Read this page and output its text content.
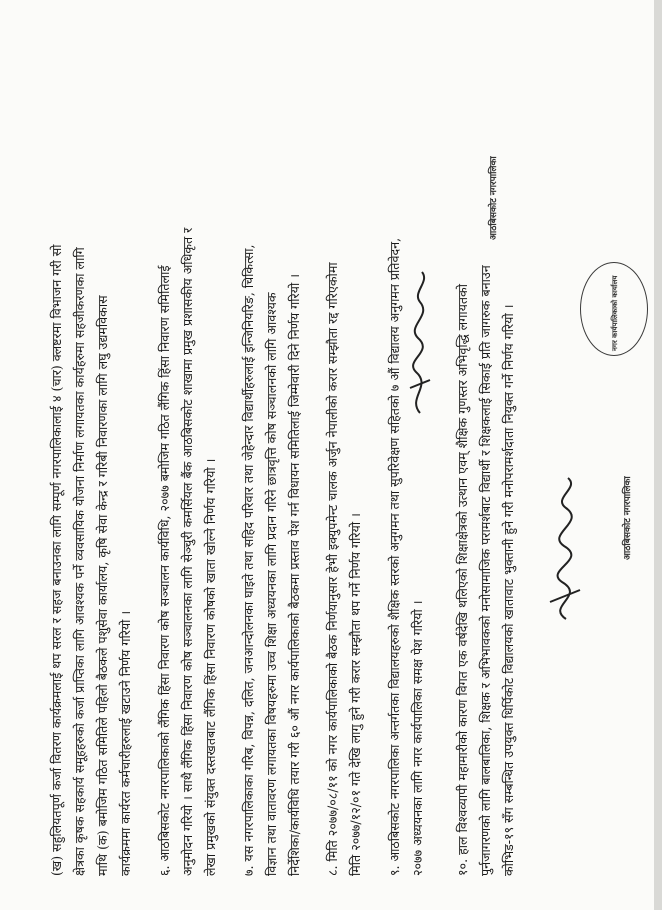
(ख) सहुलियतपूर्ण कर्जा वितरण कार्यक्रमलाई थप सरल र सहज बनाउनका लागि सम्पूर्ण नगरपालिकालाई ४ (चार) क्लष्टरमा विभाजन गरी सो क्षेत्रका कृषक सहकार्य समूहहरुको कर्जा प्राप्तिका लागि आवश्यक पर्ने व्यवसायिक योजना निर्माण लगायतका कार्यहरुमा सहजीकरणका लागि माथि (क) बमोजिम गठित समितिले पहिलो बैठकले पशुसेवा कार्यालय, कृषि सेवा केन्द्र र गरिबी निवारणका लागि लघु उद्यमविकास कार्यक्रममा कार्यरत कर्मचारीहरुलाई खटाउने निर्णय गरियो ।	६. आठबिसकोट नगरपालिकाको लैंगिक हिंसा निवारण कोष सञ्चालन कार्यविधि, २०७७ बमोजिम गठित लैंगिक हिंसा निवारण समितिलाई अनुमोदन गरियो । साथै लैंगिक हिंसा निवारण कोष सञ्चालनका लागि सेञ्चुरी कमर्सियल बैंक आठबिसकोट शाखामा प्रमुख प्रशासकीय अधिकृत र लेखा प्रमुखको संयुक्त दस्तखतबाट लैंगिक हिंसा निवारण कोषको खाता खोल्ने निर्णय गरियो ।	७. यस नगरपालिकाका गरिब, विपन्न, दलित, जनआन्दोलनका घाइते तथा सहिद परिवार तथा जेहेन्दार विद्यार्थीहरुलाई इन्जिनियरिङ, चिकित्सा, विज्ञान तथा वातावरण लगायतका विषयहरुमा उच्च शिक्षा अध्ययनका लागि प्रदान गरिने छात्रवृत्ति कोष सञ्चालनको लागि आवश्यक निर्देशिका/कार्यविधि तयार गरी ६० औं नगर कार्यपालिकाको बैठकमा प्रस्ताव पेश गर्न विधायन समितिलाई जिम्मेवारी दिने निर्णय गरियो ।	८. मिति २०७७/०८/११ को नगर कार्यपालिकाको बैठक निर्णयानुसार हेभी इक्युपमेन्ट चालक अर्जुन नेपालीको करार सम्झौता रद्द गरिएकोमा मिति २०७७/१२/०१ गते देखि लागु हुने गरी करार सम्झौता थप गर्ने निर्णय गरियो ।	९. आठबिसकोट नगरपालिका अन्तर्गतका विद्यालयहरुको शैक्षिक स्तरको अनुगमन तथा सुपरिवेक्षण सहितको ७ औं विद्यालय अनुगमन प्रतिवेदन, २०७७ अध्ययनका लागि नगर कार्यपालिका समक्ष पेश गरियो ।	१०. हाल विश्वव्यापी महामारीको कारण विगत एक वर्षदेखि थलिएको शिक्षाक्षेत्रको उत्थान एवम् शैक्षिक गुणस्तर अभिवृद्धि लगायतको पुर्नजागरणको लागि बालबालिका, शिक्षक र अभिभावकको मनोसामाजिक परामर्शबाट विद्यार्थी र शिक्षकलाई सिकाई प्रति जागरुक बनाउन कोभिड-१९ सँग सम्बन्धित उपयुक्त धिर्पिकोट विद्यालयको खातावाट भुक्तानी हुने गरी मनोपरामर्शदाता नियुक्त गर्ने निर्णय गरियो ।
आठबिसकोट नगरपालिका
आठबिसकोट नगरपालिका
नगर कार्यपालिकाको कार्यालय
